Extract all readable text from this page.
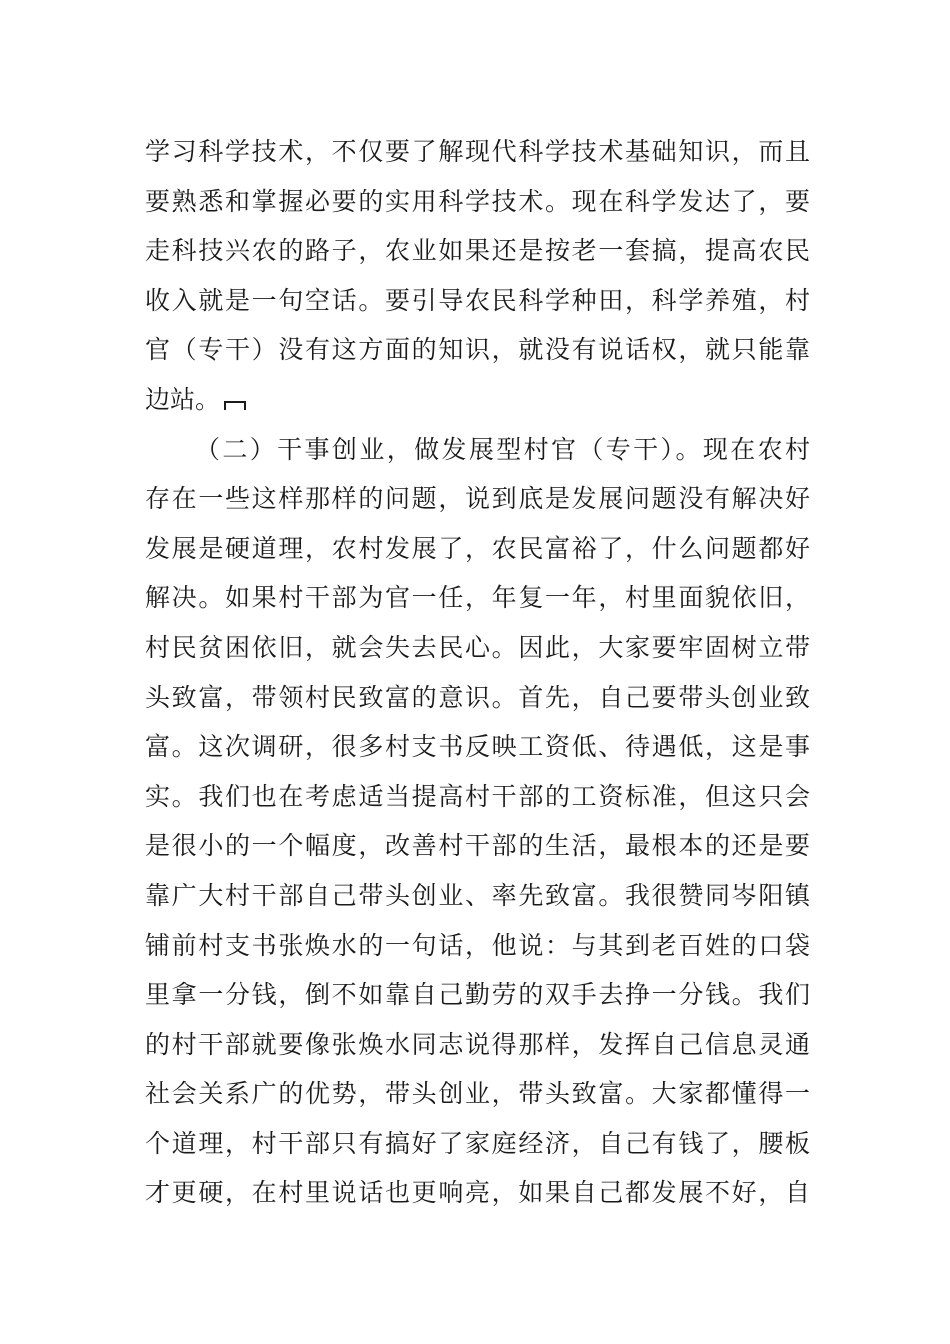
学习科学技术，不仅要了解现代科学技术基础知识，而且
要熟悉和掌握必要的实用科学技术。现在科学发达了，要
走科技兴农的路子，农业如果还是按老一套搞，提高农民
收入就是一句空话。要引导农民科学种田，科学养殖，村
官（专干）没有这方面的知识，就没有说话权，就只能靠
边站。
（二）干事创业，做发展型村官（专干）。现在农村
存在一些这样那样的问题，说到底是发展问题没有解决好
发展是硬道理，农村发展了，农民富裕了，什么问题都好
解决。如果村干部为官一任，年复一年，村里面貌依旧，
村民贫困依旧，就会失去民心。因此，大家要牢固树立带
头致富，带领村民致富的意识。首先，自己要带头创业致
富。这次调研，很多村支书反映工资低、待遇低，这是事
实。我们也在考虑适当提高村干部的工资标准，但这只会
是很小的一个幅度，改善村干部的生活，最根本的还是要
靠广大村干部自己带头创业、率先致富。我很赞同岑阳镇
铺前村支书张焕水的一句话，他说：与其到老百姓的口袋
里拿一分钱，倒不如靠自己勤劳的双手去挣一分钱。我们
的村干部就要像张焕水同志说得那样，发挥自己信息灵通
社会关系广的优势，带头创业，带头致富。大家都懂得一
个道理，村干部只有搞好了家庭经济，自己有钱了，腰板
才更硬，在村里说话也更响亮，如果自己都发展不好，自
